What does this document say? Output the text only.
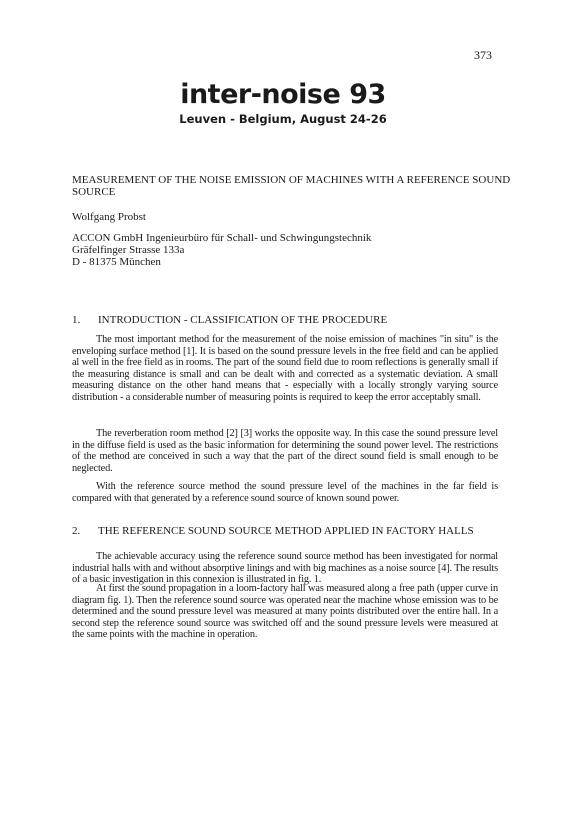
373
inter-noise 93
Leuven - Belgium, August 24-26
MEASUREMENT OF THE NOISE EMISSION OF MACHINES WITH A REFERENCE SOUND SOURCE
Wolfgang Probst
ACCON GmbH Ingenieurbüro für Schall- und Schwingungstechnik
Gräfelfinger Strasse 133a
D - 81375 München
1. INTRODUCTION - CLASSIFICATION OF THE PROCEDURE

The most important method for the measurement of the noise emission of machines "in situ" is the enveloping surface method [1]. It is based on the sound pressure levels in the free field and can be applied al well in the free field as in rooms. The part of the sound field due to room reflections is generally small if the measuring distance is small and can be dealt with and corrected as a systematic deviation. A small measuring distance on the other hand means that - especially with a locally strongly varying source distribution - a considerable number of measuring points is required to keep the error acceptably small.

The reverberation room method [2] [3] works the opposite way. In this case the sound pressure level in the diffuse field is used as the basic information for determining the sound power level. The restrictions of the method are conceived in such a way that the part of the direct sound field is small enough to be neglected.

With the reference source method the sound pressure level of the machines in the far field is compared with that generated by a reference sound source of known sound power.

2. THE REFERENCE SOUND SOURCE METHOD APPLIED IN FACTORY HALLS

The achievable accuracy using the reference sound source method has been investigated for normal industrial halls with and without absorptive linings and with big machines as a noise source [4]. The results of a basic investigation in this connexion is illustrated in fig. 1.

At first the sound propagation in a loom-factory hall was measured along a free path (upper curve in diagram fig. 1). Then the reference sound source was operated near the machine whose emission was to be determined and the sound pressure level was measured at many points distributed over the entire hall. In a second step the reference sound source was switched off and the sound pressure levels were measured at the same points with the machine in operation.
